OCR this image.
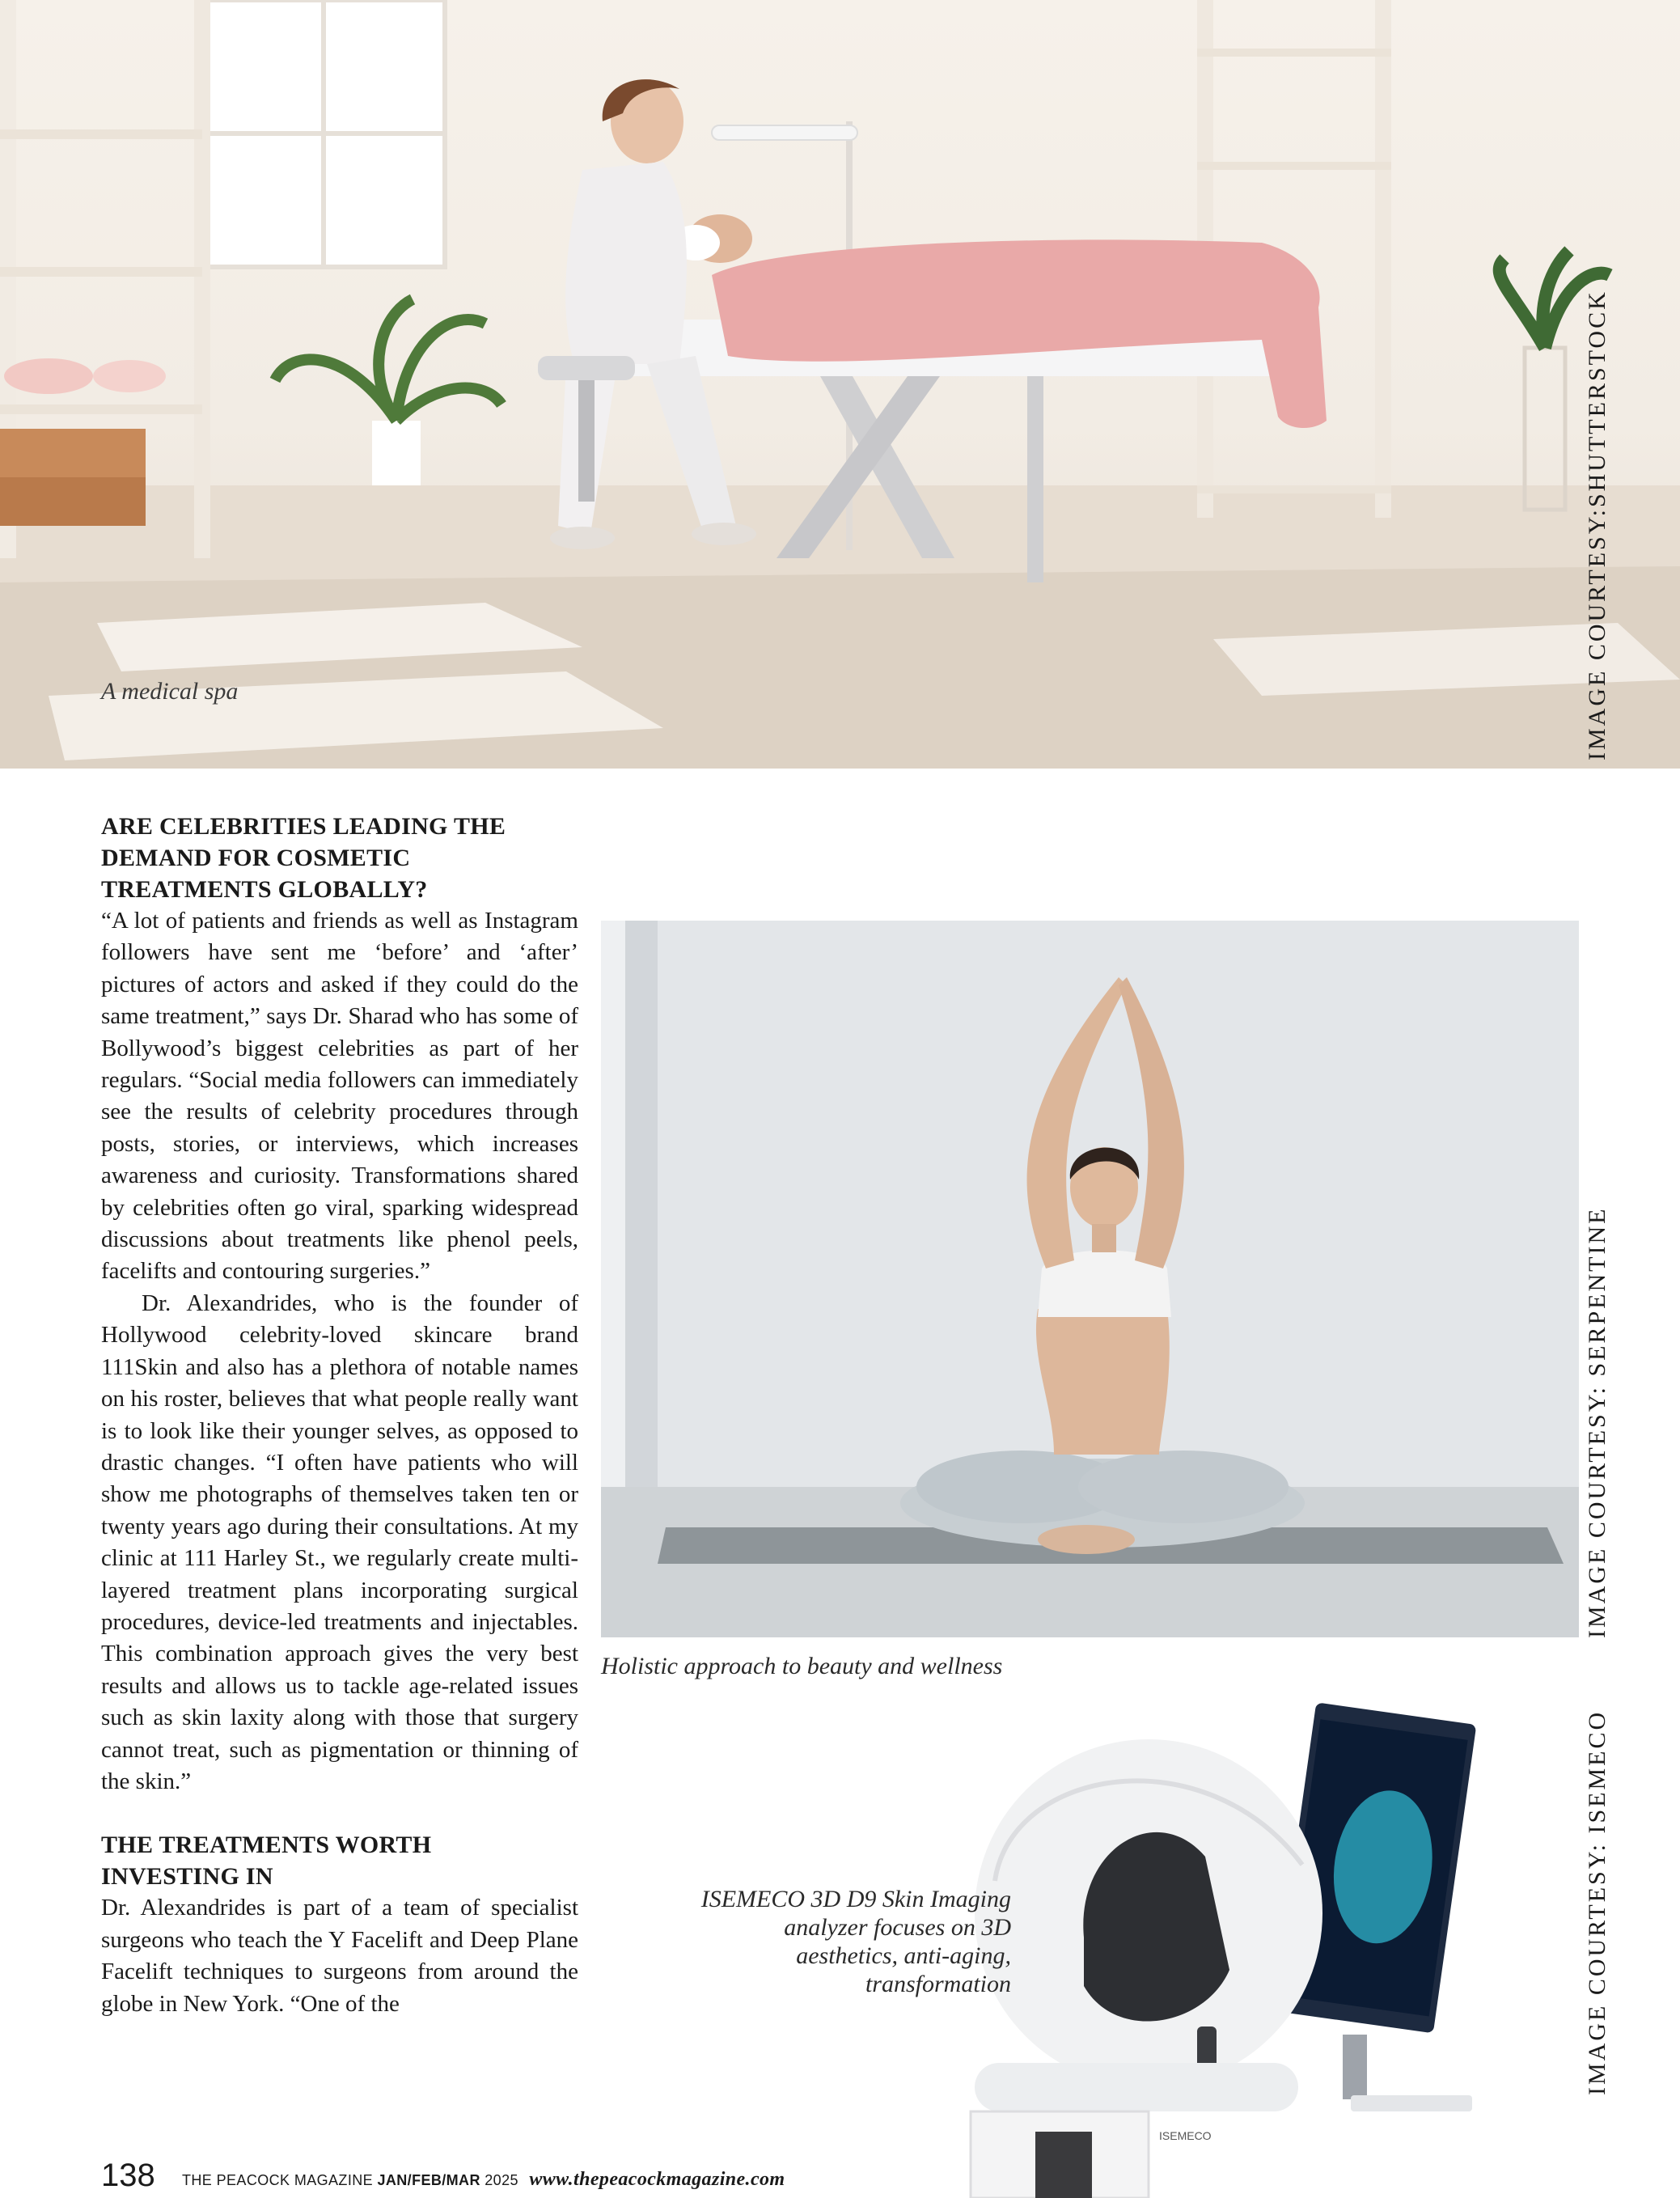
A medical spa	IMAGE COURTESY:SHUTTERSTOCK
ARE CELEBRITIES LEADING THE DEMAND FOR COSMETIC TREATMENTS GLOBALLY?

“A lot of patients and friends as well as Instagram followers have sent me ‘before’ and ‘after’ pictures of actors and asked if they could do the same treatment,” says Dr. Sharad who has some of Bollywood’s biggest celebrities as part of her regulars. “Social media followers can immediately see the results of celebrity procedures through posts, stories, or interviews, which increases awareness and curiosity. Transformations shared by celebrities often go viral, sparking widespread discussions about treatments like phenol peels, facelifts and contouring surgeries.”

Dr. Alexandrides, who is the founder of Hollywood celebrity-loved skincare brand 111Skin and also has a plethora of notable names on his roster, believes that what people really want is to look like their younger selves, as opposed to drastic changes. “I often have patients who will show me photographs of themselves taken ten or twenty years ago during their consultations. At my clinic at 111 Harley St., we regularly create multi-layered treatment plans incorporating surgical procedures, device-led treatments and injectables. This combination approach gives the very best results and allows us to tackle age-related issues such as skin laxity along with those that surgery cannot treat, such as pigmentation or thinning of the skin.”

THE TREATMENTS WORTH INVESTING IN

Dr. Alexandrides is part of a team of specialist surgeons who teach the Y Facelift and Deep Plane Facelift techniques to surgeons from around the globe in New York. “One of the

Holistic approach to beauty and wellness
IMAGE COURTESY: SERPENTINE
ISEMECO
ISEMECO 3D D9 Skin Imaging analyzer focuses on 3D aesthetics, anti-aging, transformation	IMAGE COURTESY: ISEMECO
138 THE PEACOCK MAGAZINE JAN/FEB/MAR 2025 www.thepeacockmagazine.com
